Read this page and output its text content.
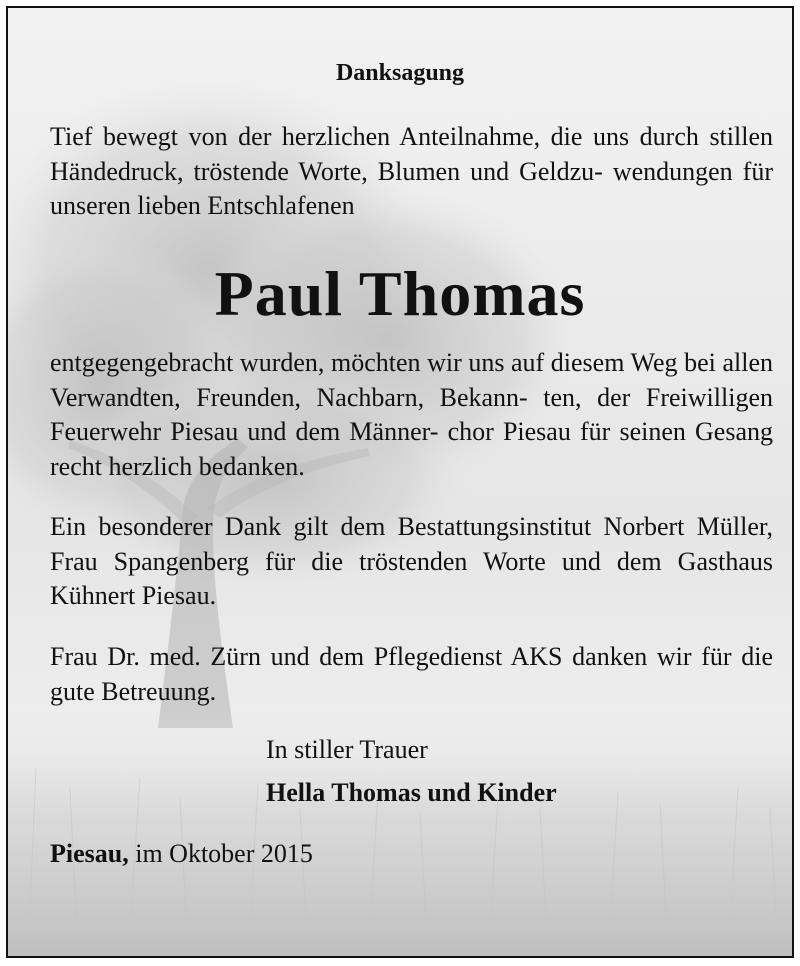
Danksagung

Tief bewegt von der herzlichen Anteilnahme, die uns durch stillen Händedruck, tröstende Worte, Blumen und Geldzu- wendungen für unseren lieben Entschlafenen

Paul Thomas

entgegengebracht wurden, möchten wir uns auf diesem Weg bei allen Verwandten, Freunden, Nachbarn, Bekann- ten, der Freiwilligen Feuerwehr Piesau und dem Männer- chor Piesau für seinen Gesang recht herzlich bedanken.

Ein besonderer Dank gilt dem Bestattungsinstitut Norbert Müller, Frau Spangenberg für die tröstenden Worte und dem Gasthaus Kühnert Piesau.

Frau Dr. med. Zürn und dem Pflegedienst AKS danken wir für die gute Betreuung.

In stiller Trauer
Hella Thomas und Kinder
Piesau, im Oktober 2015
